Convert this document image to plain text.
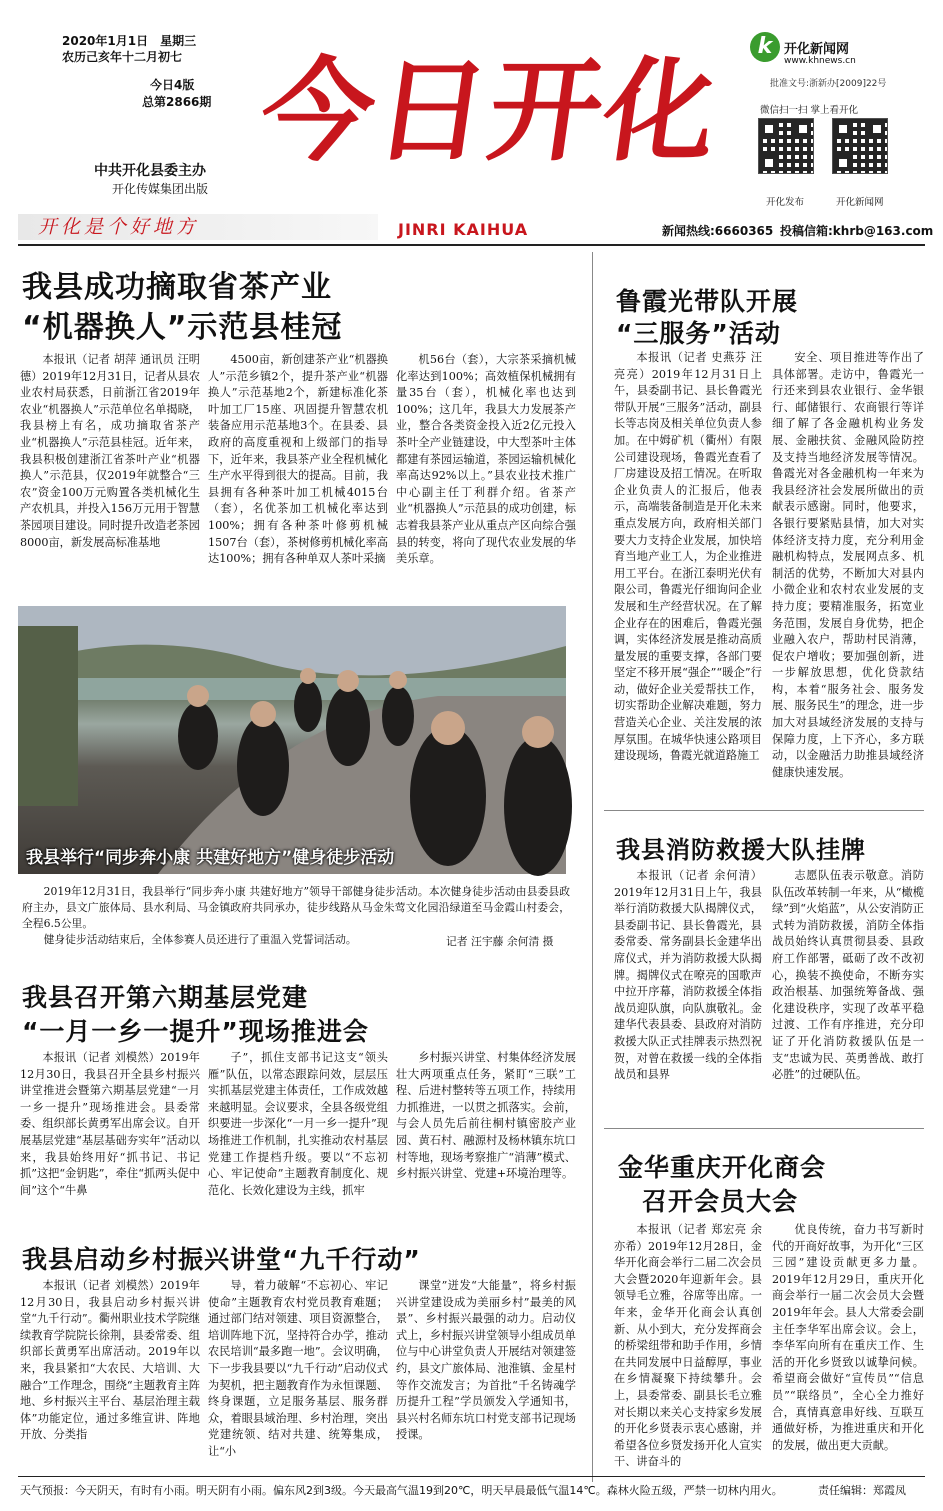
2020年1月1日　星期三
农历己亥年十二月初七
今日4版
总第2866期
中共开化县委主办
开化传媒集团出版
今日开化
开化是个好地方	JINRI KAIHUA
k 开化新闻网
www.khnews.cn
批准文号:浙新办[2009]22号
微信扫一扫 掌上看开化
开化发布	开化新闻网
新闻热线:6660365 投稿信箱:khrb@163.com
我县成功摘取省茶产业
“机器换人”示范县桂冠

本报讯（记者 胡萍 通讯员 汪明德）2019年12月31日，记者从县农业农村局获悉，日前浙江省2019年农业“机器换人”示范单位名单揭晓，我县榜上有名，成功摘取省茶产业“机器换人”示范县桂冠。近年来，我县积极创建浙江省茶叶产业“机器换人”示范县，仅2019年就整合“三农”资金100万元购置各类机械化生产农机具，并投入156万元用于智慧茶园项目建设。同时提升改造老茶园8000亩，新发展高标准基地

4500亩，新创建茶产业“机器换人”示范乡镇2个，提升茶产业“机器换人”示范基地2个，新建标准化茶叶加工厂15座、巩固提升智慧农机装备应用示范基地3个。在县委、县政府的高度重视和上级部门的指导下，近年来，我县茶产业全程机械化生产水平得到很大的提高。目前，我县拥有各种茶叶加工机械4015台（套），名优茶加工机械化率达到100%；拥有各种茶叶修剪机械1507台（套），茶树修剪机械化率高达100%；拥有各种单双人茶叶采摘

机56台（套），大宗茶采摘机械化率达到100%；高效植保机械拥有量35台（套），机械化率也达到100%；这几年，我县大力发展茶产业，整合各类资金投入近2亿元投入茶叶全产业链建设，中大型茶叶主体都建有茶园运输道，茶园运输机械化率高达92%以上。”县农业技术推广中心副主任丁利群介绍。省茶产业“机器换人”示范县的成功创建，标志着我县茶产业从重点产区向综合强县的转变，将向了现代农业发展的华美乐章。

我县举行“同步奔小康 共建好地方”健身徒步活动

2019年12月31日，我县举行“同步奔小康 共建好地方”领导干部健身徒步活动。本次健身徒步活动由县委县政府主办，县文广旅体局、县水利局、马金镇政府共同承办，徒步线路从马金朱莺文化园沿绿道至马金霞山村委会，全程6.5公里。

健身徒步活动结束后，全体参赛人员还进行了重温入党誓词活动。	记者 汪宇藤 余何清 摄
我县召开第六期基层党建
“一月一乡一提升”现场推进会

本报讯（记者 刘模然）2019年12月30日，我县召开全县乡村振兴讲堂推进会暨第六期基层党建“一月一乡一提升”现场推进会。县委常委、组织部长黄勇军出席会议。自开展基层党建“基层基础夯实年”活动以来，我县始终用好“抓书记、书记抓”这把“金钥匙”，牵住“抓两头促中间”这个“牛鼻

子”，抓住支部书记这支“领头雁”队伍，以常态跟踪问效，层层压实抓基层党建主体责任，工作成效越来越明显。会议要求，全县各级党组织要进一步深化“一月一乡一提升”现场推进工作机制，扎实推动农村基层党建工作提档升级。要以“不忘初心、牢记使命”主题教育制度化、规范化、长效化建设为主线，抓牢

乡村振兴讲堂、村集体经济发展壮大两项重点任务，紧盯“三联”工程、后进村整转等五项工作，持续用力抓推进，一以贯之抓落实。会前，与会人员先后前往桐村镇密胶产业园、黄石村、融源村及杨林镇东坑口村等地，现场考察推广“消薄”模式、乡村振兴讲堂、党建+环境治理等。

我县启动乡村振兴讲堂“九千行动”

本报讯（记者 刘模然）2019年12月30日，我县启动乡村振兴讲堂“九千行动”。衢州职业技术学院继续教育学院院长徐荆，县委常委、组织部长黄勇军出席活动。2019年以来，我县紧扣“大农民、大培训、大融合”工作理念，围绕“主题教育主阵地、乡村振兴主平台、基层治理主载体”功能定位，通过多维宣讲、阵地开放、分类指

导，着力破解“不忘初心、牢记使命”主题教育农村党员教育难题；通过部门结对领建、项目资源整合，培训阵地下沉，坚持符合办学，推动农民培训“最多跑一地”。会议明确，下一步我县要以“九千行动”启动仪式为契机，把主题教育作为永恒课题、终身课题，立足服务基层、服务群众，着眼县域治理、乡村治理，突出党建统领、结对共建、统筹集成，让“小

课堂”迸发“大能量”，将乡村振兴讲堂建设成为美丽乡村”最美的风景”、乡村振兴最强的动力。启动仪式上，乡村振兴讲堂领导小组成员单位与中心讲堂负责人开展结对领建签约，县文广旅体局、池淮镇、金星村等作交流发言；为首批“千名铸魂学历提升工程”学员颁发入学通知书，县兴村名师东坑口村党支部书记现场授课。

鲁霞光带队开展
“三服务”活动

本报讯（记者 史燕芬 汪亮亮）2019年12月31日上午，县委副书记、县长鲁霞光带队开展“三服务”活动，副县长等志岗及相关单位负责人参加。在中姆矿机（衢州）有限公司建设现场，鲁霞光查看了厂房建设及招工情况。在听取企业负责人的汇报后，他表示，高端装备制造是开化未来重点发展方向，政府相关部门要大力支持企业发展，加快培育当地产业工人，为企业推进用工平台。在浙江泰明光伏有限公司，鲁霞光仔细询问企业发展和生产经营状况。在了解企业存在的困难后，鲁霞光强调，实体经济发展是推动高质量发展的重要支撑，各部门要坚定不移开展“强企”“暖企”行动，做好企业关爱帮扶工作，切实帮助企业解决难题，努力营造关心企业、关注发展的浓厚氛围。在城华快速公路项目建设现场，鲁霞光就道路施工

安全、项目推进等作出了具体部署。走访中，鲁霞光一行还来到县农业银行、金华银行、邮储银行、农商银行等详细了解了各金融机构业务发展、金融扶贫、金融风险防控及支持当地经济发展等情况。鲁霞光对各金融机构一年来为我县经济社会发展所做出的贡献表示感谢。同时，他要求，各银行要紧贴县情，加大对实体经济支持力度，充分利用金融机构特点，发展网点多、机制活的优势，不断加大对县内小微企业和农村农业发展的支持力度；要精准服务，拓宽业务范围，发展自身优势，把企业融入农户，帮助村民消薄，促农户增收；要加强创新，进一步解放思想，优化贷款结构，本着“服务社会、服务发展、服务民生”的理念，进一步加大对县域经济发展的支持与保障力度，上下齐心，多方联动，以金融活力助推县域经济健康快速发展。

我县消防救援大队挂牌

本报讯（记者 余何清）2019年12月31日上午，我县举行消防救援大队揭牌仪式，县委副书记、县长鲁霞光，县委常委、常务副县长金建华出席仪式，并为消防救援大队揭牌。揭牌仪式在嘹亮的国歌声中拉开序幕，消防救援全体指战员迎队旗，向队旗敬礼。金建华代表县委、县政府对消防救援大队正式挂牌表示热烈祝贺，对曾在救援一线的全体指战员和县界

志愿队伍表示敬意。消防队伍改革转制一年来，从“橄榄绿”到“火焰蓝”，从公安消防正式转为消防救援，消防全体指战员始终认真贯彻县委、县政府工作部署，砥砺了改不改初心，换装不换使命，不断夯实政治根基、加强统筹备战、强化建设秩序，实现了改革平稳过渡、工作有序推进，充分印证了开化消防救援队伍是一支“忠诚为民、英勇善战、敢打必胜”的过硬队伍。

金华重庆开化商会
召开会员大会

本报讯（记者 郑宏亮 余亦希）2019年12月28日，金华开化商会举行二届二次会员大会暨2020年迎新年会。县领导毛立雅，谷席等出席。一年来，金华开化商会认真创新、从小到大，充分发挥商会的桥梁纽带和助手作用，乡情在共同发展中日益醇厚，事业在乡情凝聚下持续攀升。会上，县委常委、副县长毛立雅对长期以来关心支持家乡发展的开化乡贤表示衷心感谢，并希望各位乡贤发扬开化人宣实干、讲奋斗的

优良传统，奋力书写新时代的开商好故事，为开化“三区三园”建设贡献更多力量。2019年12月29日，重庆开化商会举行一届二次会员大会暨2019年年会。县人大常委会副主任李华军出席会议。会上，李华军向所有在重庆工作、生活的开化乡贤致以诚挚问候。希望商会做好“宣传员”“信息员”“联络员”，全心全力推好合，真情真意串好线、互联互通做好桥，为推进重庆和开化的发展，做出更大贡献。

天气预报：今天阴天，有时有小雨。明天阴有小雨。偏东风2到3级。今天最高气温19到20℃，明天早晨最低气温14℃。森林火险五级，严禁一切林内用火。	责任编辑：郑霞凤
